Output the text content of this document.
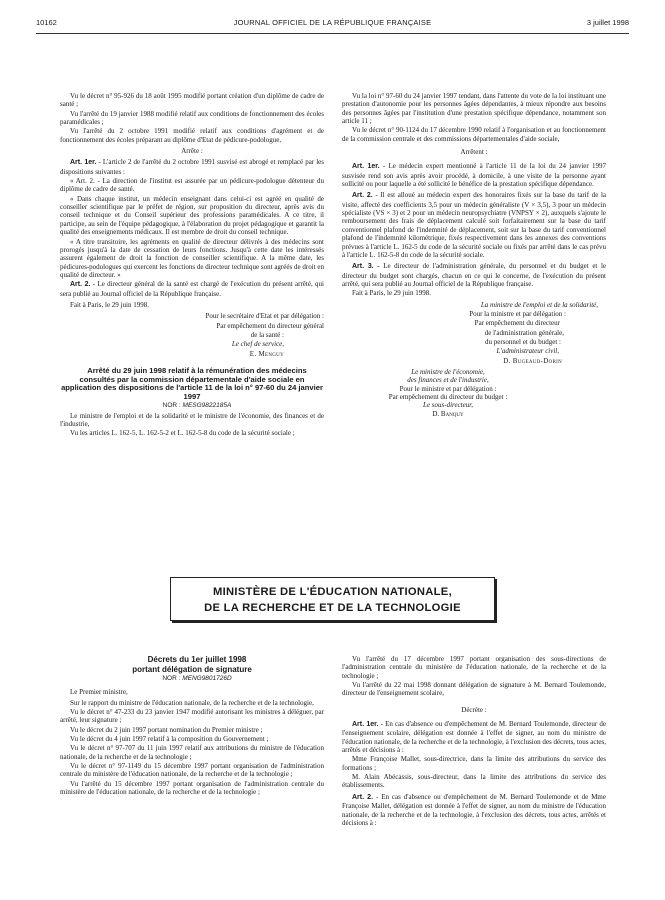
10162	JOURNAL OFFICIEL DE LA RÉPUBLIQUE FRANÇAISE	3 juillet 1998

Vu le décret n° 95-926 du 18 août 1995 modifié portant création d'un diplôme de cadre de santé ;

Vu l'arrêté du 19 janvier 1988 modifié relatif aux conditions de fonctionnement des écoles paramédicales ;

Vu l'arrêté du 2 octobre 1991 modifié relatif aux conditions d'agrément et de fonctionnement des écoles préparant au diplôme d'Etat de pédicure-podologue,

Arrête :

Art. 1er. - L'article 2 de l'arrêté du 2 octobre 1991 susvisé est abrogé et remplacé par les dispositions suivantes :

« Art. 2. - La direction de l'institut est assurée par un pédicure-podologue détenteur du diplôme de cadre de santé.

« Dans chaque institut, un médecin enseignant dans celui-ci est agréé en qualité de conseiller scientifique par le préfet de région, sur proposition du directeur, après avis du conseil technique et du Conseil supérieur des professions paramédicales. A ce titre, il participe, au sein de l'équipe pédagogique, à l'élaboration du projet pédagogique et garantit la qualité des enseignements médicaux. Il est membre de droit du conseil technique.

« A titre transitoire, les agréments en qualité de directeur délivrés à des médecins sont prorogés jusqu'à la date de cessation de leurs fonctions. Jusqu'à cette date les intéressés assurent également de droit la fonction de conseiller scientifique. A la même date, les pédicures-podologues qui exercent les fonctions de directeur technique sont agréés de droit en qualité de directeur. »

Art. 2. - Le directeur général de la santé est chargé de l'exécution du présent arrêté, qui sera publié au Journal officiel de la République française.

Fait à Paris, le 29 juin 1998.

Pour le secrétaire d'Etat et par délégation :

Par empêchement du directeur général

de la santé :

Le chef de service,

E. Menguy

Arrêté du 29 juin 1998 relatif à la rémunération des médecins consultés par la commission départementale d'aide sociale en application des dispositions de l'article 11 de la loi n° 97-60 du 24 janvier 1997

NOR : MESG9822185A

Le ministre de l'emploi et de la solidarité et le ministre de l'économie, des finances et de l'industrie,

Vu les articles L. 162-5, L. 162-5-2 et L. 162-5-8 du code de la sécurité sociale ;

Vu la loi n° 97-60 du 24 janvier 1997 tendant, dans l'attente du vote de la loi instituant une prestation d'autonomie pour les personnes âgées dépendantes, à mieux répondre aux besoins des personnes âgées par l'institution d'une prestation spécifique dépendance, notamment son article 11 ;

Vu le décret n° 90-1124 du 17 décembre 1990 relatif à l'organisation et au fonctionnement de la commission centrale et des commissions départementales d'aide sociale,

Arrêtent :

Art. 1er. - Le médecin expert mentionné à l'article 11 de la loi du 24 janvier 1997 susvisée rend son avis après avoir procédé, à domicile, à une visite de la personne ayant sollicité ou pour laquelle a été sollicité le bénéfice de la prestation spécifique dépendance.

Art. 2. - Il est alloué au médecin expert des honoraires fixés sur la base du tarif de la visite, affecté des coefficients 3,5 pour un médecin généraliste (V × 3,5), 3 pour un médecin spécialiste (VS × 3) et 2 pour un médecin neuropsychiatre (VNPSY × 2), auxquels s'ajoute le remboursement des frais de déplacement calculé soit forfaitairement sur la base du tarif conventionnel plafond de l'indemnité de déplacement, soit sur la base du tarif conventionnel plafond de l'indemnité kilométrique, fixés respectivement dans les annexes des conventions prévues à l'article L. 162-5 du code de la sécurité sociale ou fixés par arrêté dans le cas prévu à l'article L. 162-5-8 du code de la sécurité sociale.

Art. 3. - Le directeur de l'administration générale, du personnel et du budget et le directeur du budget sont chargés, chacun en ce qui le concerne, de l'exécution du présent arrêté, qui sera publié au Journal officiel de la République française.

Fait à Paris, le 29 juin 1998.

La ministre de l'emploi et de la solidarité,

Pour la ministre et par délégation :

Par empêchement du directeur

de l'administration générale,

du personnel et du budget :

L'administrateur civil,

D. Bugeaud-Dorin

Le ministre de l'économie,

des finances et de l'industrie,

Pour le ministre et par délégation :

Par empêchement du directeur du budget :

Le sous-directeur,

D. Banquy

MINISTÈRE DE L'ÉDUCATION NATIONALE,
DE LA RECHERCHE ET DE LA TECHNOLOGIE

Décrets du 1er juillet 1998
portant délégation de signature

NOR : MENG9801726D

Le Premier ministre,

Sur le rapport du ministre de l'éducation nationale, de la recherche et de la technologie,

Vu le décret n° 47-233 du 23 janvier 1947 modifié autorisant les ministres à déléguer, par arrêté, leur signature ;

Vu le décret du 2 juin 1997 portant nomination du Premier ministre ;

Vu le décret du 4 juin 1997 relatif à la composition du Gouvernement ;

Vu le décret n° 97-707 du 11 juin 1997 relatif aux attributions du ministre de l'éducation nationale, de la recherche et de la technologie ;

Vu le décret n° 97-1149 du 15 décembre 1997 portant organisation de l'administration centrale du ministère de l'éducation nationale, de la recherche et de la technologie ;

Vu l'arrêté du 15 décembre 1997 portant organisation de l'administration centrale du ministère de l'éducation nationale, de la recherche et de la technologie ;

Vu l'arrêté du 17 décembre 1997 portant organisation des sous-directions de l'administration centrale du ministère de l'éducation nationale, de la recherche et de la technologie ;

Vu l'arrêté du 22 mai 1998 donnant délégation de signature à M. Bernard Toulemonde, directeur de l'enseignement scolaire,

Décrète :

Art. 1er. - En cas d'absence ou d'empêchement de M. Bernard Toulemonde, directeur de l'enseignement scolaire, délégation est donnée à l'effet de signer, au nom du ministre de l'éducation nationale, de la recherche et de la technologie, à l'exclusion des décrets, tous actes, arrêtés et décisions à :

Mme Françoise Mallet, sous-directrice, dans la limite des attributions du service des formations ;

M. Alain Abécassis, sous-directeur, dans la limite des attributions du service des établissements.

Art. 2. - En cas d'absence ou d'empêchement de M. Bernard Toulemonde et de Mme Françoise Mallet, délégation est donnée à l'effet de signer, au nom du ministre de l'éducation nationale, de la recherche et de la technologie, à l'exclusion des décrets, tous actes, arrêtés et décisions à :
